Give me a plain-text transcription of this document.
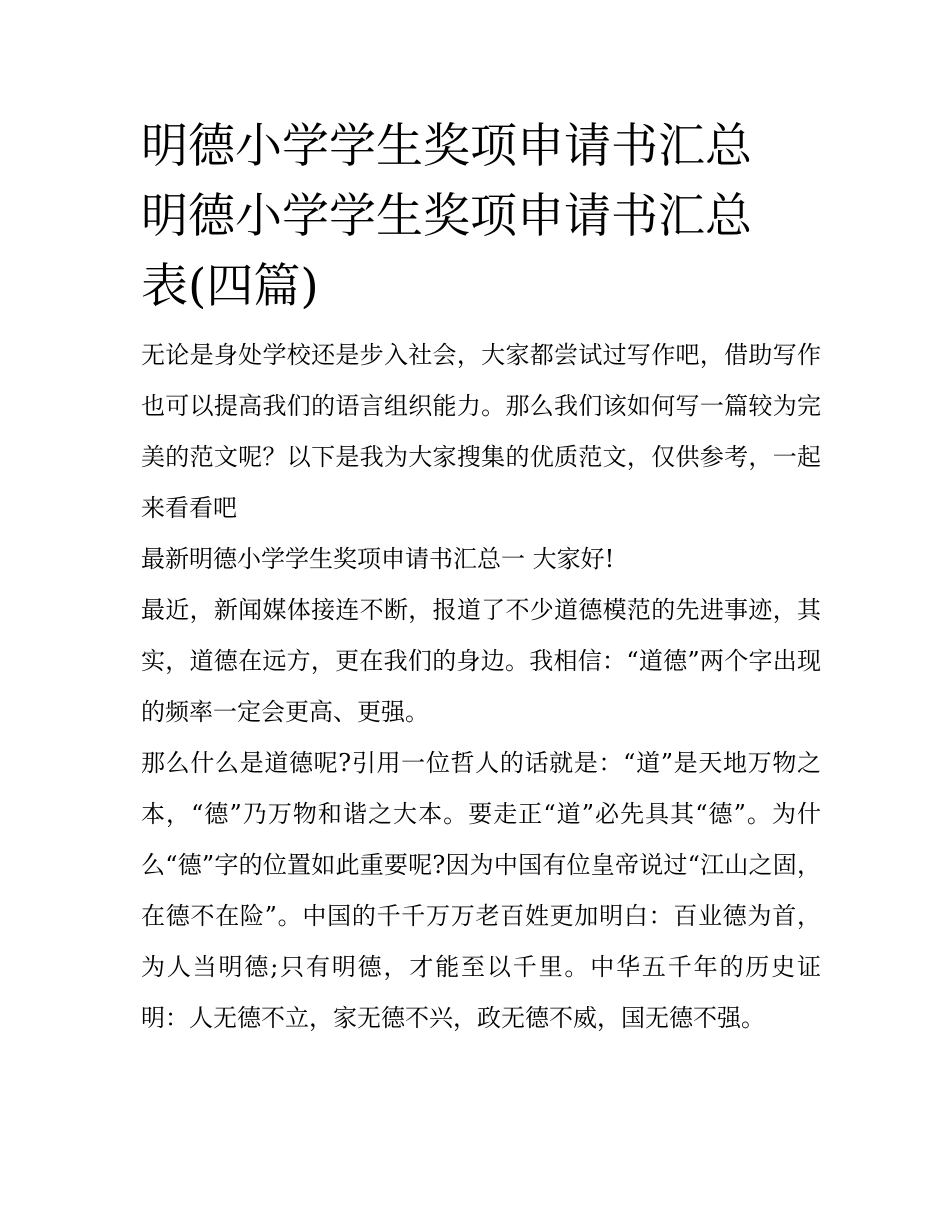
明德小学学生奖项申请书汇总
明德小学学生奖项申请书汇总
表(四篇)

无论是身处学校还是步入社会，大家都尝试过写作吧，借助写作也可以提高我们的语言组织能力。那么我们该如何写一篇较为完美的范文呢？以下是我为大家搜集的优质范文，仅供参考，一起来看看吧

最新明德小学学生奖项申请书汇总一 大家好!

最近，新闻媒体接连不断，报道了不少道德模范的先进事迹，其实，道德在远方，更在我们的身边。我相信：“道德”两个字出现的频率一定会更高、更强。

那么什么是道德呢?引用一位哲人的话就是：“道”是天地万物之本，“德”乃万物和谐之大本。要走正“道”必先具其“德”。为什么“德”字的位置如此重要呢?因为中国有位皇帝说过“江山之固，在德不在险”。中国的千千万万老百姓更加明白：百业德为首，为人当明德;只有明德，才能至以千里。中华五千年的历史证明：人无德不立，家无德不兴，政无德不威，国无德不强。
